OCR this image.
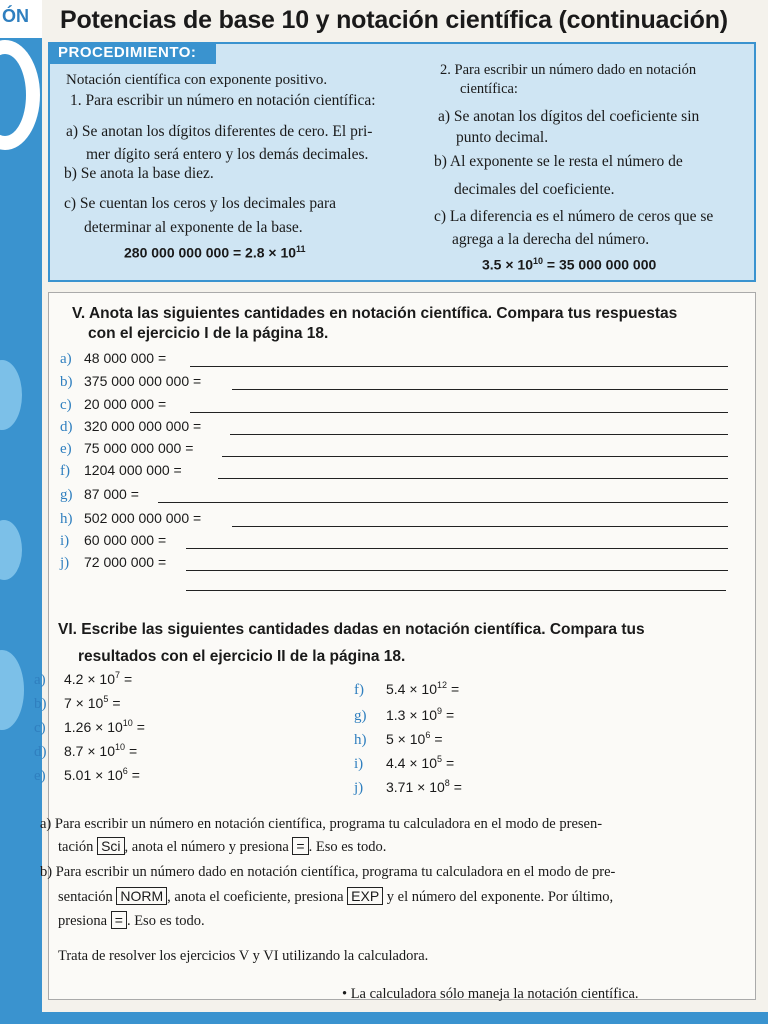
ÓN Potencias de base 10 y notación científica (continuación)
PROCEDIMIENTO:
Notación científica con exponente positivo.
1. Para escribir un número en notación científica:
a) Se anotan los dígitos diferentes de cero. El pri-
mer dígito será entero y los demás decimales.
b) Se anota la base diez.
c) Se cuentan los ceros y los decimales para
determinar al exponente de la base.
280 000 000 $000 = 2.8 \times 10^{11}$
2. Para escribir un número dado en notación
científica:
a) Se anotan los dígitos del coeficiente sin
punto decimal.
b) Al exponente se le resta el número de
decimales del coeficiente.
c) La diferencia es el número de ceros que se
agrega a la derecha del número.
$3.5 \times 10^{10} = 35$ 000 000 000
V. Anota las siguientes cantidades en notación científica. Compara tus respuestas
con el ejercicio I de la página 18.
a) 48 000 000 =
b) 375 000 000 000 =
c) 20 000 000 =
d) 320 000 000 000 =
e) 75 000 000 000 =
f) 1204 000 000 =
g) 87 000 =
h) 502 000 000 000 =
i) 60 000 000 =
j) 72 000 000 =
VI. Escribe las siguientes cantidades dadas en notación científica. Compara tus
resultados con el ejercicio II de la página 18.
a) $4.2 \times 10^7$ =
b) $7 \times 10^5$ =
c) $1.26 \times 10^{10}$ =
d) $8.7 \times 10^{10}$ =
e) $5.01 \times 10^6$ =
f) $5.4 \times 10^{12}$ =
g) $1.3 \times 10^9$ =
h) $5 \times 10^6$ =
i) $4.4 \times 10^5$ =
j) $3.71 \times 10^8$ =
a) Para escribir un número en notación científica, programa tu calculadora en el modo de presen-
tación Sci , anota el número y presiona = . Eso es todo.
b) Para escribir un número dado en notación científica, programa tu calculadora en el modo de pre-
sentación NORM , anota el coeficiente, presiona EXP y el número del exponente. Por último,
presiona = . Eso es todo.
Trata de resolver los ejercicios V y VI utilizando la calculadora.
• La calculadora sólo maneja la notación científica.
